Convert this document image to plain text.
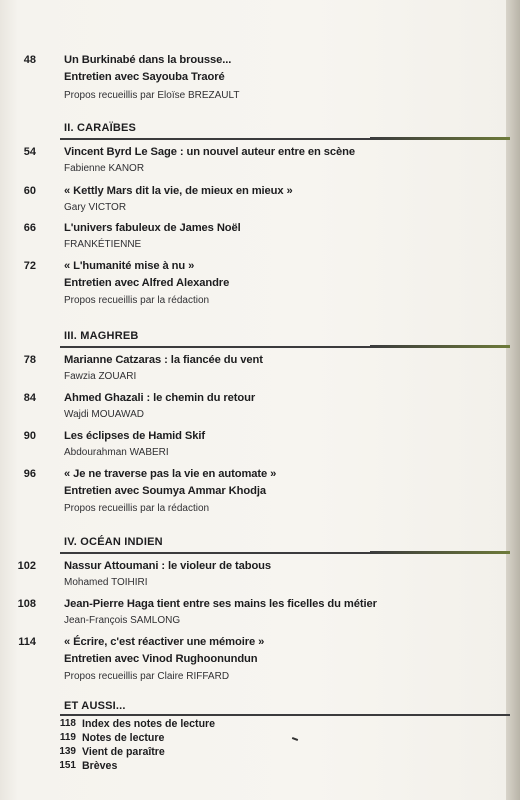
48	Un Burkinabé dans la brousse...
Entretien avec Sayouba Traoré
Propos recueillis par Eloïse BREZAULT
II. CARAÏBES
54	Vincent Byrd Le Sage : un nouvel auteur entre en scène
Fabienne KANOR
60	« Kettly Mars dit la vie, de mieux en mieux »
Gary VICTOR
66	L'univers fabuleux de James Noël
FRANKÉTIENNE
72	« L'humanité mise à nu »
Entretien avec Alfred Alexandre
Propos recueillis par la rédaction
III. MAGHREB
78	Marianne Catzaras : la fiancée du vent
Fawzia ZOUARI
84	Ahmed Ghazali : le chemin du retour
Wajdi MOUAWAD
90	Les éclipses de Hamid Skif
Abdourahman WABERI
96	« Je ne traverse pas la vie en automate »
Entretien avec Soumya Ammar Khodja
Propos recueillis par la rédaction
IV. OCÉAN INDIEN
102	Nassur Attoumani : le violeur de tabous
Mohamed TOIHIRI
108	Jean-Pierre Haga tient entre ses mains les ficelles du métier
Jean-François SAMLONG
114	« Écrire, c'est réactiver une mémoire »
Entretien avec Vinod Rughoonundun
Propos recueillis par Claire RIFFARD
ET AUSSI...
118 Index des notes de lecture
119 Notes de lecture
139 Vient de paraître
151 Brèves
